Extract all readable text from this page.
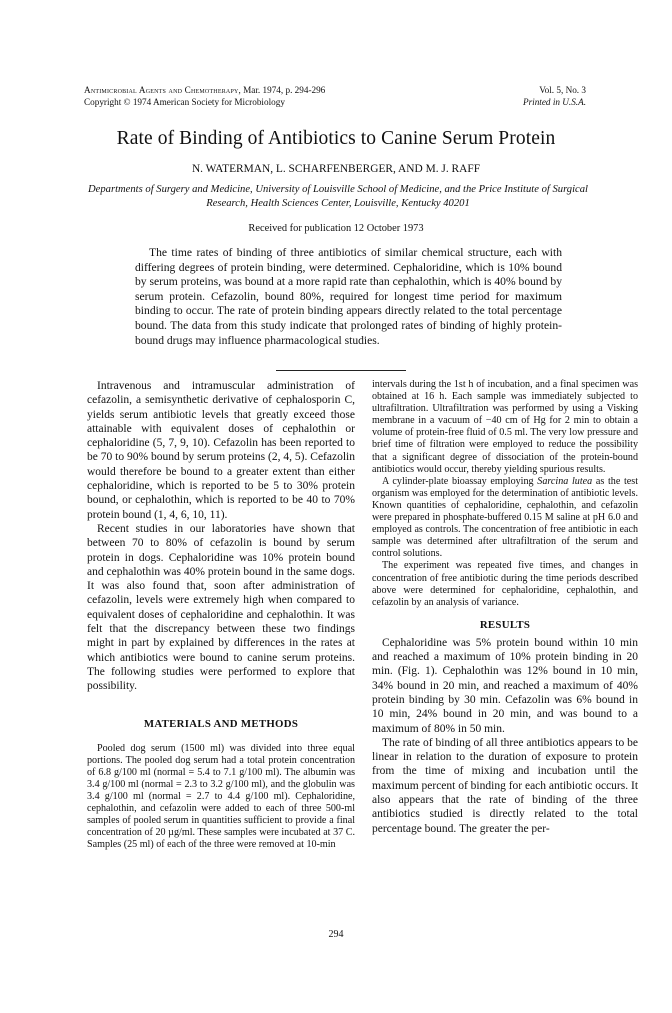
Antimicrobial Agents and Chemotherapy, Mar. 1974, p. 294-296
Copyright © 1974 American Society for Microbiology
Vol. 5, No. 3
Printed in U.S.A.
Rate of Binding of Antibiotics to Canine Serum Protein
N. WATERMAN, L. SCHARFENBERGER, AND M. J. RAFF
Departments of Surgery and Medicine, University of Louisville School of Medicine, and the Price Institute of Surgical Research, Health Sciences Center, Louisville, Kentucky 40201
Received for publication 12 October 1973
The time rates of binding of three antibiotics of similar chemical structure, each with differing degrees of protein binding, were determined. Cephaloridine, which is 10% bound by serum proteins, was bound at a more rapid rate than cephalothin, which is 40% bound by serum protein. Cefazolin, bound 80%, required for longest time period for maximum binding to occur. The rate of protein binding appears directly related to the total percentage bound. The data from this study indicate that prolonged rates of binding of highly protein-bound drugs may influence pharmacological studies.

Intravenous and intramuscular administration of cefazolin, a semisynthetic derivative of cephalosporin C, yields serum antibiotic levels that greatly exceed those attainable with equivalent doses of cephalothin or cephaloridine (5, 7, 9, 10). Cefazolin has been reported to be 70 to 90% bound by serum proteins (2, 4, 5). Cefazolin would therefore be bound to a greater extent than either cephaloridine, which is reported to be 5 to 30% protein bound, or cephalothin, which is reported to be 40 to 70% protein bound (1, 4, 6, 10, 11).

Recent studies in our laboratories have shown that between 70 to 80% of cefazolin is bound by serum protein in dogs. Cephaloridine was 10% protein bound and cephalothin was 40% protein bound in the same dogs. It was also found that, soon after administration of cefazolin, levels were extremely high when compared to equivalent doses of cephaloridine and cephalothin. It was felt that the discrepancy between these two findings might in part by explained by differences in the rates at which antibiotics were bound to canine serum proteins. The following studies were performed to explore that possibility.

MATERIALS AND METHODS

Pooled dog serum (1500 ml) was divided into three equal portions. The pooled dog serum had a total protein concentration of 6.8 g/100 ml (normal = 5.4 to 7.1 g/100 ml). The albumin was 3.4 g/100 ml (normal = 2.3 to 3.2 g/100 ml), and the globulin was 3.4 g/100 ml (normal = 2.7 to 4.4 g/100 ml). Cephaloridine, cephalothin, and cefazolin were added to each of three 500-ml samples of pooled serum in quantities sufficient to provide a final concentration of 20 µg/ml. These samples were incubated at 37 C. Samples (25 ml) of each of the three were removed at 10-min

intervals during the 1st h of incubation, and a final specimen was obtained at 16 h. Each sample was immediately subjected to ultrafiltration. Ultrafiltration was performed by using a Visking membrane in a vacuum of −40 cm of Hg for 2 min to obtain a volume of protein-free fluid of 0.5 ml. The very low pressure and brief time of filtration were employed to reduce the possibility that a significant degree of dissociation of the protein-bound antibiotics would occur, thereby yielding spurious results.

A cylinder-plate bioassay employing Sarcina lutea as the test organism was employed for the determination of antibiotic levels. Known quantities of cephaloridine, cephalothin, and cefazolin were prepared in phosphate-buffered 0.15 M saline at pH 6.0 and employed as controls. The concentration of free antibiotic in each sample was determined after ultrafiltration of the serum and control solutions.

The experiment was repeated five times, and changes in concentration of free antibiotic during the time periods described above were determined for cephaloridine, cephalothin, and cefazolin by an analysis of variance.

RESULTS

Cephaloridine was 5% protein bound within 10 min and reached a maximum of 10% protein binding in 20 min. (Fig. 1). Cephalothin was 12% bound in 10 min, 34% bound in 20 min, and reached a maximum of 40% protein binding by 30 min. Cefazolin was 6% bound in 10 min, 24% bound in 20 min, and was bound to a maximum of 80% in 50 min.

The rate of binding of all three antibiotics appears to be linear in relation to the duration of exposure to protein from the time of mixing and incubation until the maximum percent of binding for each antibiotic occurs. It also appears that the rate of binding of the three antibiotics studied is directly related to the total percentage bound. The greater the per-

294
